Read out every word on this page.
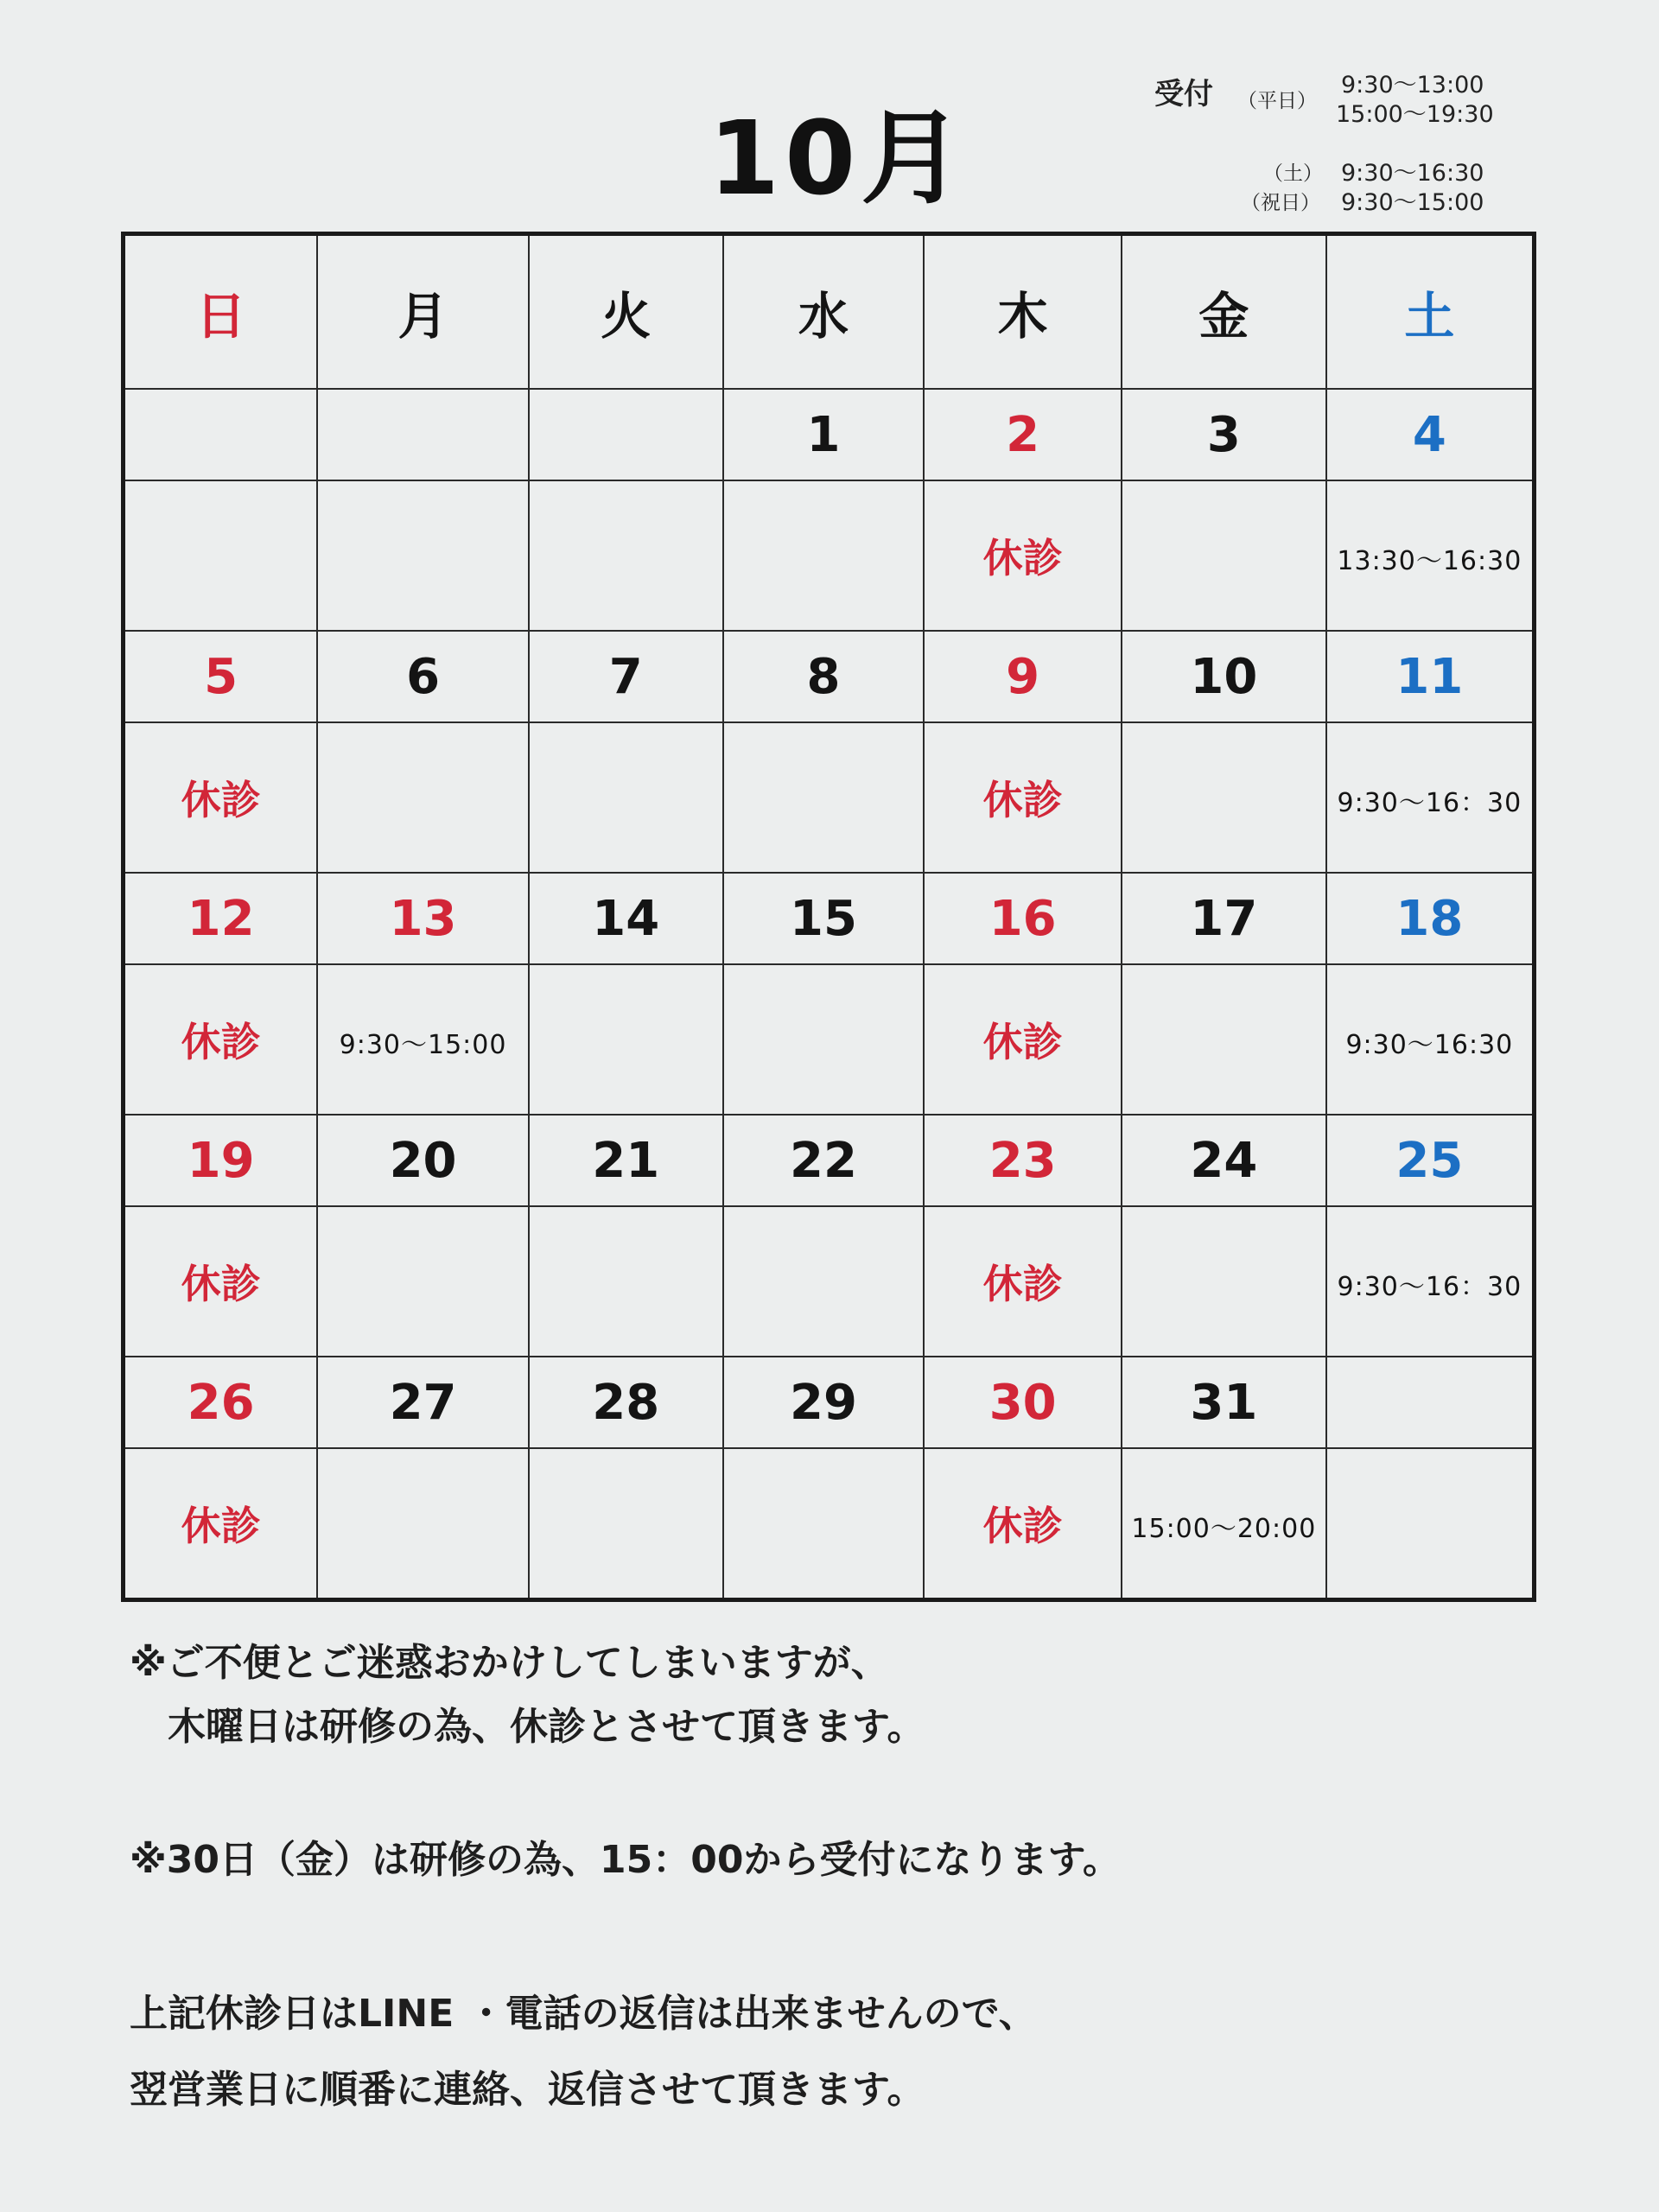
10月
受付 （平日）
9:30～13:00
15:00～19:30
（土） 9:30～16:30
（祝日） 9:30～15:00
日	月	火	水	木	金	土
			1	2	3	4
				休診		13:30～16:30
5	6	7	8	9	10	11
休診				休診		9:30～16：30
12	13	14	15	16	17	18
休診	9:30～15:00			休診		9:30～16:30
19	20	21	22	23	24	25
休診				休診		9:30～16：30
26	27	28	29	30	31	
休診				休診	15:00～20:00	
※ご不便とご迷惑おかけしてしまいますが、
　木曜日は研修の為、休診とさせて頂きます。
※30日（金）は研修の為、15：00から受付になります。
上記休診日はLINE ・電話の返信は出来ませんので、
翌営業日に順番に連絡、返信させて頂きます。
